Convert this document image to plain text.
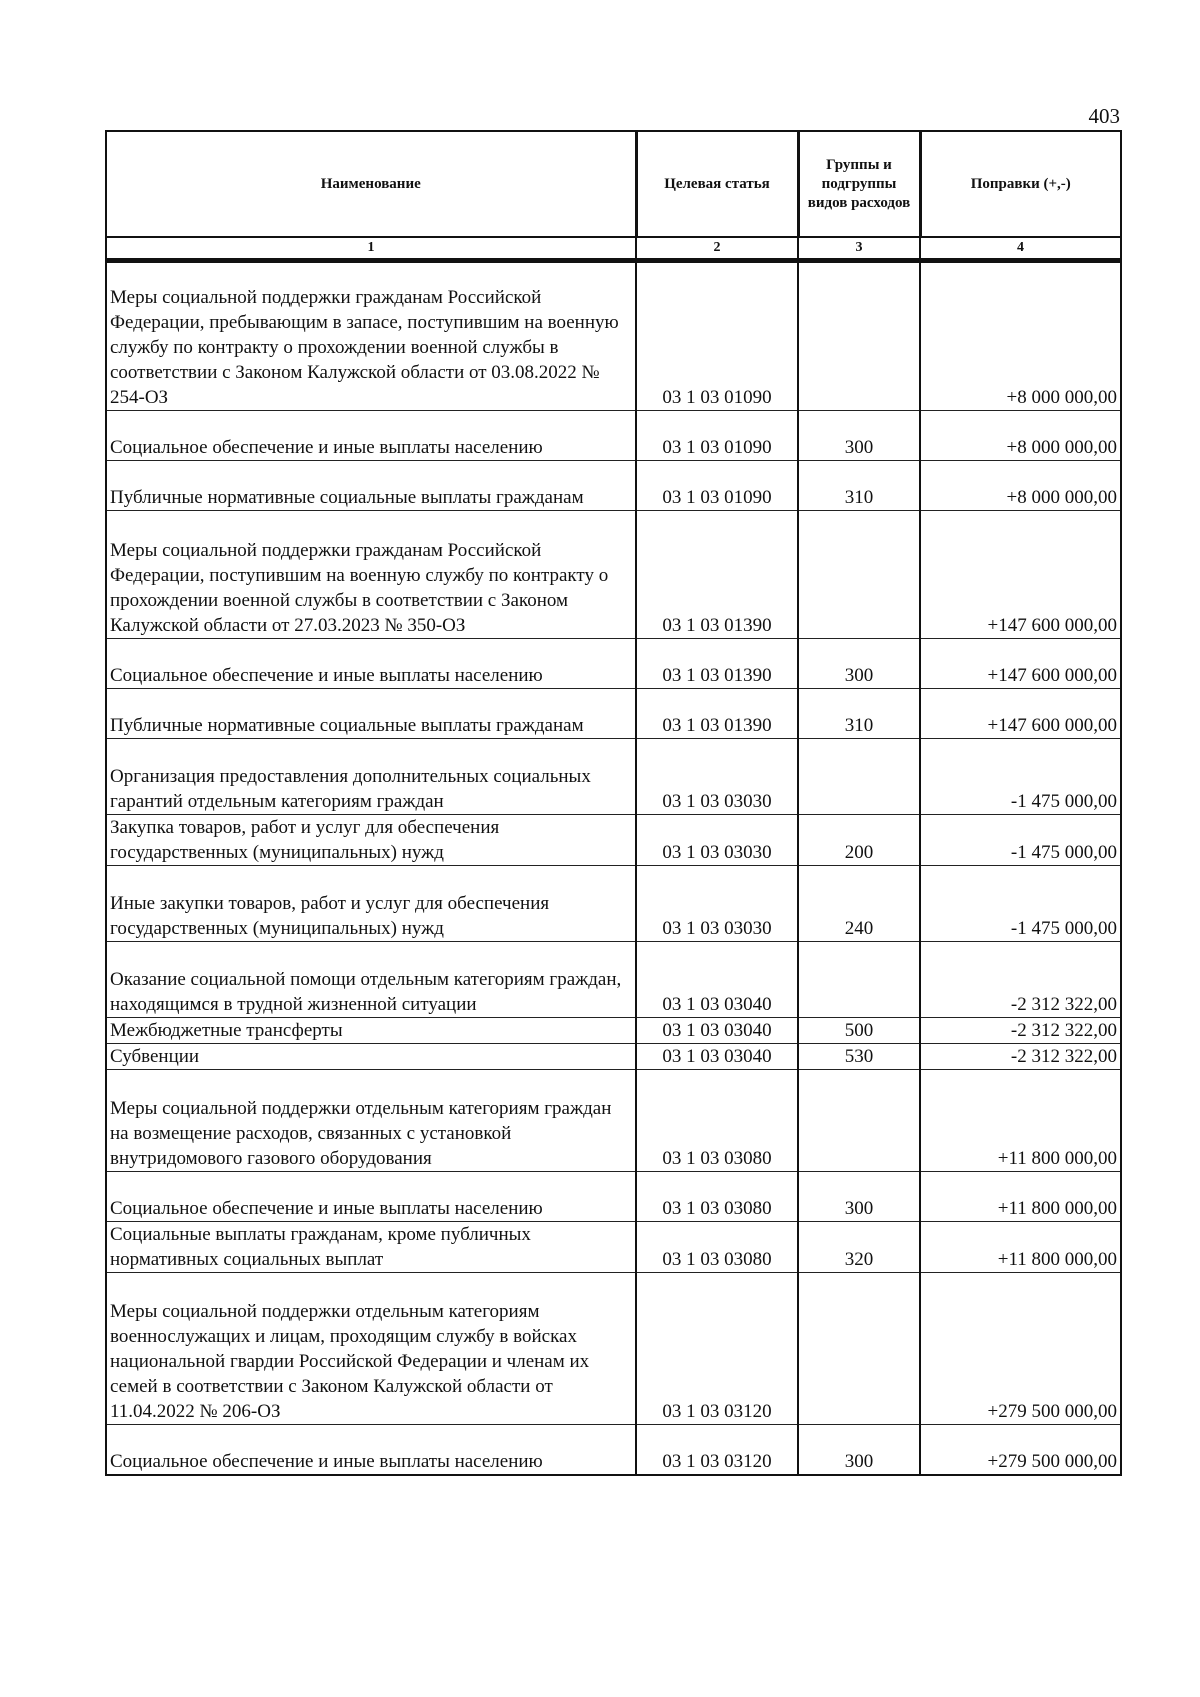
403
Наименование	Целевая статья	Группы и подгруппы видов расходов	Поправки (+,-)
1	2	3	4
Меры социальной поддержки гражданам Российской Федерации, пребывающим в запасе, поступившим на военную службу по контракту о прохождении военной службы в соответствии с Законом Калужской области от 03.08.2022 № 254-ОЗ	03 1 03 01090		+8 000 000,00
Социальное обеспечение и иные выплаты населению	03 1 03 01090	300	+8 000 000,00
Публичные нормативные социальные выплаты гражданам	03 1 03 01090	310	+8 000 000,00
Меры социальной поддержки гражданам Российской Федерации, поступившим на военную службу по контракту о прохождении военной службы в соответствии с Законом Калужской области от 27.03.2023 № 350-ОЗ	03 1 03 01390		+147 600 000,00
Социальное обеспечение и иные выплаты населению	03 1 03 01390	300	+147 600 000,00
Публичные нормативные социальные выплаты гражданам	03 1 03 01390	310	+147 600 000,00
Организация предоставления дополнительных социальных гарантий отдельным категориям граждан	03 1 03 03030		-1 475 000,00
Закупка товаров, работ и услуг для обеспечения государственных (муниципальных) нужд	03 1 03 03030	200	-1 475 000,00
Иные закупки товаров, работ и услуг для обеспечения государственных (муниципальных) нужд	03 1 03 03030	240	-1 475 000,00
Оказание социальной помощи отдельным категориям граждан, находящимся в трудной жизненной ситуации	03 1 03 03040		-2 312 322,00
Межбюджетные трансферты	03 1 03 03040	500	-2 312 322,00
Субвенции	03 1 03 03040	530	-2 312 322,00
Меры социальной поддержки отдельным категориям граждан на возмещение расходов, связанных с установкой внутридомового газового оборудования	03 1 03 03080		+11 800 000,00
Социальное обеспечение и иные выплаты населению	03 1 03 03080	300	+11 800 000,00
Социальные выплаты гражданам, кроме публичных нормативных социальных выплат	03 1 03 03080	320	+11 800 000,00
Меры социальной поддержки отдельным категориям военнослужащих и лицам, проходящим службу в войсках национальной гвардии Российской Федерации и членам их семей в соответствии с Законом Калужской области от 11.04.2022 № 206-ОЗ	03 1 03 03120		+279 500 000,00
Социальное обеспечение и иные выплаты населению	03 1 03 03120	300	+279 500 000,00
